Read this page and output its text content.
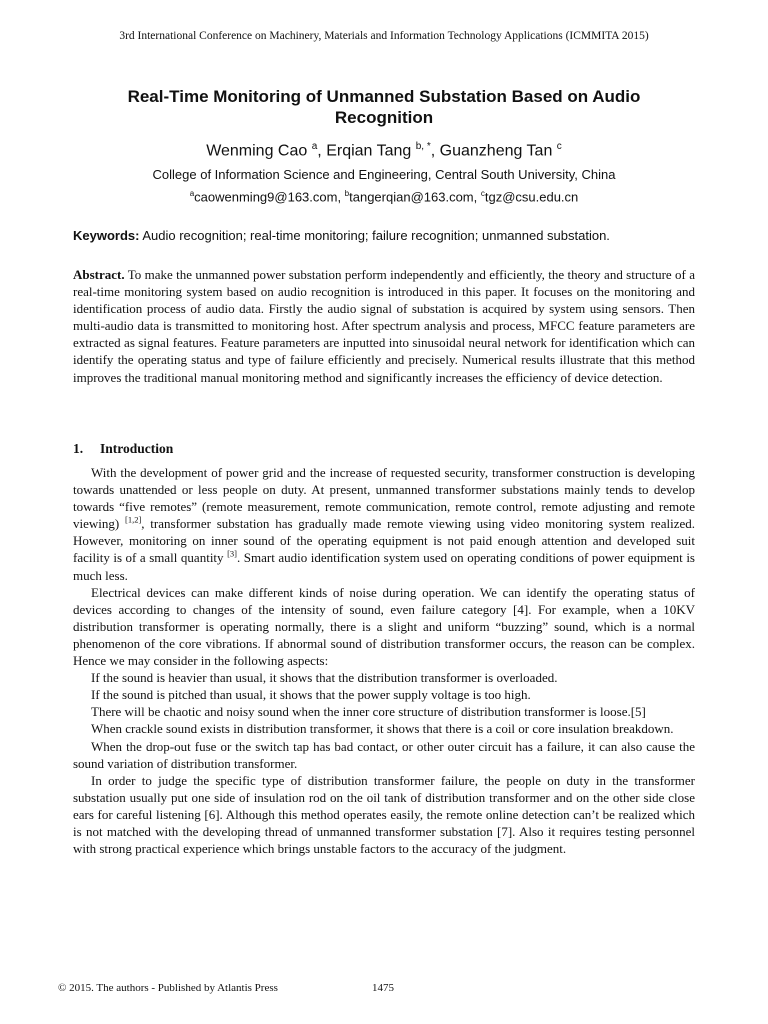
3rd International Conference on Machinery, Materials and Information Technology Applications (ICMMITA 2015)
Real-Time Monitoring of Unmanned Substation Based on Audio Recognition
Wenming Cao $^a$, Erqian Tang $^{b, *}$, Guanzheng Tan $^c$
College of Information Science and Engineering, Central South University, China
$^a$caowenming9@163.com, $^b$tangerqian@163.com, $^c$tgz@csu.edu.cn
Keywords: Audio recognition; real-time monitoring; failure recognition; unmanned substation.
Abstract. To make the unmanned power substation perform independently and efficiently, the theory and structure of a real-time monitoring system based on audio recognition is introduced in this paper. It focuses on the monitoring and identification process of audio data. Firstly the audio signal of substation is acquired by system using sensors. Then multi-audio data is transmitted to monitoring host. After spectrum analysis and process, MFCC feature parameters are extracted as signal features. Feature parameters are inputted into sinusoidal neural network for identification which can identify the operating status and type of failure efficiently and precisely. Numerical results illustrate that this method improves the traditional manual monitoring method and significantly increases the efficiency of device detection.
1. Introduction

With the development of power grid and the increase of requested security, transformer construction is developing towards unattended or less people on duty. At present, unmanned transformer substations mainly tends to develop towards “five remotes” (remote measurement, remote communication, remote control, remote adjusting and remote viewing) [1,2], transformer substation has gradually made remote viewing using video monitoring system realized. However, monitoring on inner sound of the operating equipment is not paid enough attention and developed suit facility is of a small quantity [3]. Smart audio identification system used on operating conditions of power equipment is much less.

Electrical devices can make different kinds of noise during operation. We can identify the operating status of devices according to changes of the intensity of sound, even failure category [4]. For example, when a 10KV distribution transformer is operating normally, there is a slight and uniform “buzzing” sound, which is a normal phenomenon of the core vibrations. If abnormal sound of distribution transformer occurs, the reason can be complex. Hence we may consider in the following aspects:

If the sound is heavier than usual, it shows that the distribution transformer is overloaded.

If the sound is pitched than usual, it shows that the power supply voltage is too high.

There will be chaotic and noisy sound when the inner core structure of distribution transformer is loose.[5]

When crackle sound exists in distribution transformer, it shows that there is a coil or core insulation breakdown.

When the drop-out fuse or the switch tap has bad contact, or other outer circuit has a failure, it can also cause the sound variation of distribution transformer.

In order to judge the specific type of distribution transformer failure, the people on duty in the transformer substation usually put one side of insulation rod on the oil tank of distribution transformer and on the other side close ears for careful listening [6]. Although this method operates easily, the remote online detection can’t be realized which is not matched with the developing thread of unmanned transformer substation [7]. Also it requires testing personnel with strong practical experience which brings unstable factors to the accuracy of the judgment.

© 2015. The authors - Published by Atlantis Press	1475
